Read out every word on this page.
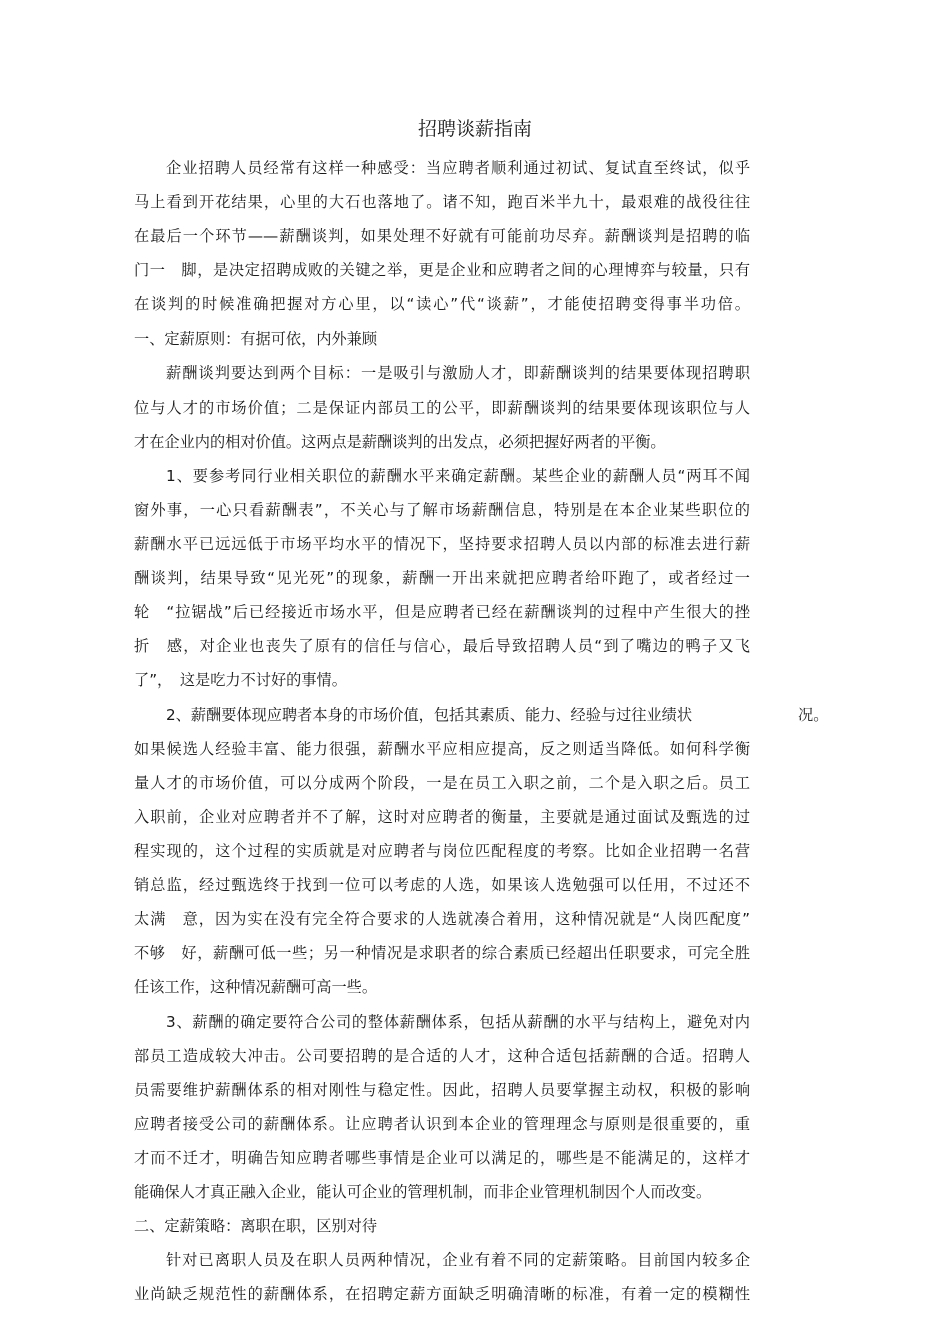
招聘谈薪指南
企业招聘人员经常有这样一种感受：当应聘者顺利通过初试、复试直至终试，似乎
马上看到开花结果，心里的大石也落地了。诸不知，跑百米半九十，最艰难的战役往往
在最后一个环节——薪酬谈判，如果处理不好就有可能前功尽弃。薪酬谈判是招聘的临
门一　脚，是决定招聘成败的关键之举，更是企业和应聘者之间的心理博弈与较量，只有
在谈判的时候准确把握对方心里，以“读心”代“谈薪”，才能使招聘变得事半功倍。
一、定薪原则：有据可依，内外兼顾
薪酬谈判要达到两个目标：一是吸引与激励人才，即薪酬谈判的结果要体现招聘职
位与人才的市场价值；二是保证内部员工的公平，即薪酬谈判的结果要体现该职位与人
才在企业内的相对价值。这两点是薪酬谈判的出发点，必须把握好两者的平衡。
1、要参考同行业相关职位的薪酬水平来确定薪酬。某些企业的薪酬人员“两耳不闻
窗外事，一心只看薪酬表”，不关心与了解市场薪酬信息，特别是在本企业某些职位的
薪酬水平已远远低于市场平均水平的情况下，坚持要求招聘人员以内部的标准去进行薪
酬谈判，结果导致“见光死”的现象，薪酬一开出来就把应聘者给吓跑了，或者经过一
轮　“拉锯战”后已经接近市场水平，但是应聘者已经在薪酬谈判的过程中产生很大的挫
折　感，对企业也丧失了原有的信任与信心，最后导致招聘人员“到了嘴边的鸭子又飞
了”，　这是吃力不讨好的事情。
2、薪酬要体现应聘者本身的市场价值，包括其素质、能力、经验与过往业绩状	况。
如果候选人经验丰富、能力很强，薪酬水平应相应提高，反之则适当降低。如何科学衡
量人才的市场价值，可以分成两个阶段，一是在员工入职之前，二个是入职之后。员工
入职前，企业对应聘者并不了解，这时对应聘者的衡量，主要就是通过面试及甄选的过
程实现的，这个过程的实质就是对应聘者与岗位匹配程度的考察。比如企业招聘一名营
销总监，经过甄选终于找到一位可以考虑的人选，如果该人选勉强可以任用，不过还不
太满　意，因为实在没有完全符合要求的人选就凑合着用，这种情况就是“人岗匹配度”
不够　好，薪酬可低一些；另一种情况是求职者的综合素质已经超出任职要求，可完全胜
任该工作，这种情况薪酬可高一些。
3、薪酬的确定要符合公司的整体薪酬体系，包括从薪酬的水平与结构上，避免对内
部员工造成较大冲击。公司要招聘的是合适的人才，这种合适包括薪酬的合适。招聘人
员需要维护薪酬体系的相对刚性与稳定性。因此，招聘人员要掌握主动权，积极的影响
应聘者接受公司的薪酬体系。让应聘者认识到本企业的管理理念与原则是很重要的，重
才而不迁才，明确告知应聘者哪些事情是企业可以满足的，哪些是不能满足的，这样才
能确保人才真正融入企业，能认可企业的管理机制，而非企业管理机制因个人而改变。
二、定薪策略：离职在职，区别对待
针对已离职人员及在职人员两种情况，企业有着不同的定薪策略。目前国内较多企
业尚缺乏规范性的薪酬体系，在招聘定薪方面缺乏明确清晰的标准，有着一定的模糊性
